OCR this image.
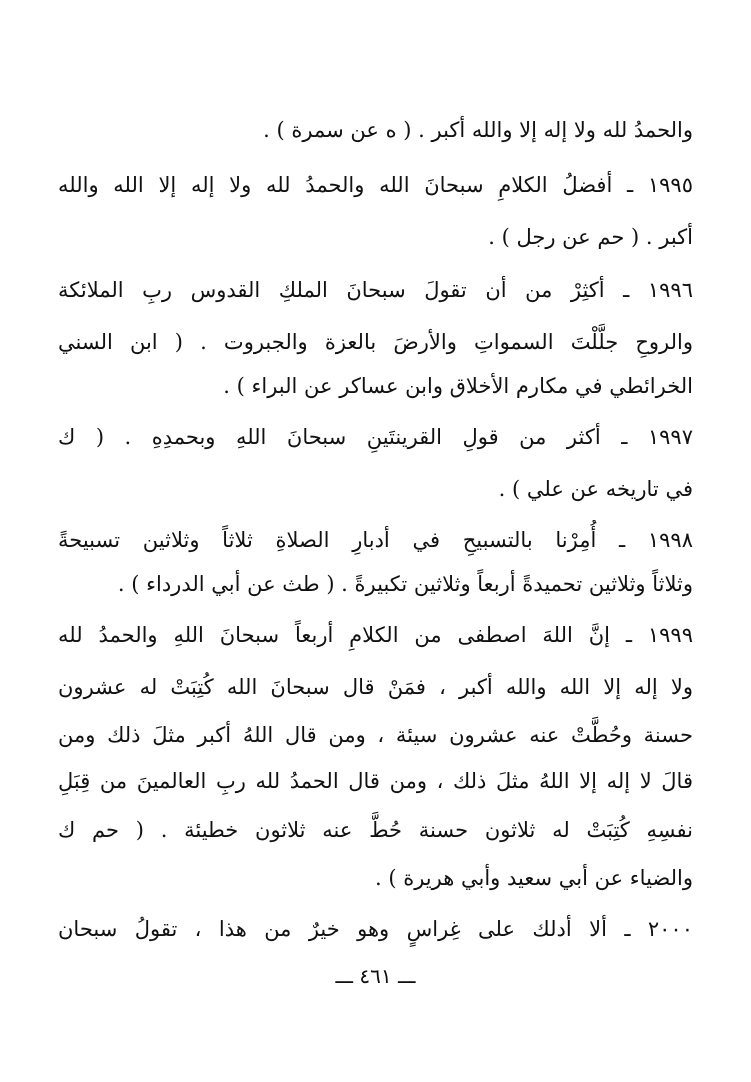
والحمدُ لله ولا إله إلا والله أكبر . ( ه عن سمرة ) .
١٩٩٥ ـ أفضلُ الكلامِ سبحانَ الله والحمدُ لله ولا إله إلا الله والله
أكبر . ( حم عن رجل ) .
١٩٩٦ ـ أكثِرْ من أن تقولَ سبحانَ الملكِ القدوس ربِ الملائكة
والروحِ جلَّلْتَ السمواتِ والأرضَ بالعزة والجبروت . ( ابن السني
الخرائطي في مكارم الأخلاق وابن عساكر عن البراء ) .
١٩٩٧ ـ أكثر من قولِ القرينتَينِ سبحانَ اللهِ وبحمدِهِ . ( ك
في تاريخه عن علي ) .
١٩٩٨ ـ أُمِرْنا بالتسبيحِ في أدبارِ الصلاةِ ثلاثاً وثلاثين تسبيحةً
وثلاثاً وثلاثين تحميدةً أربعاً وثلاثين تكبيرةً . ( طث عن أبي الدرداء ) .
١٩٩٩ ـ إنَّ اللهَ اصطفى من الكلامِ أربعاً سبحانَ اللهِ والحمدُ لله
ولا إله إلا الله والله أكبر ، فمَنْ قال سبحانَ الله كُتِبَتْ له عشرون
حسنة وحُطَّتْ عنه عشرون سيئة ، ومن قال اللهُ أكبر مثلَ ذلك ومن
قالَ لا إله إلا اللهُ مثلَ ذلك ، ومن قال الحمدُ لله ربِ العالمينَ من قِبَلِ
نفسِهِ كُتِبَتْ له ثلاثون حسنة حُطَّ عنه ثلاثون خطيئة . ( حم ك
والضياء عن أبي سعيد وأبي هريرة ) .
٢٠٠٠ ـ ألا أدلك على غِراسٍ وهو خيرٌ من هذا ، تقولُ سبحان
ـــ ٤٦١ ـــ
